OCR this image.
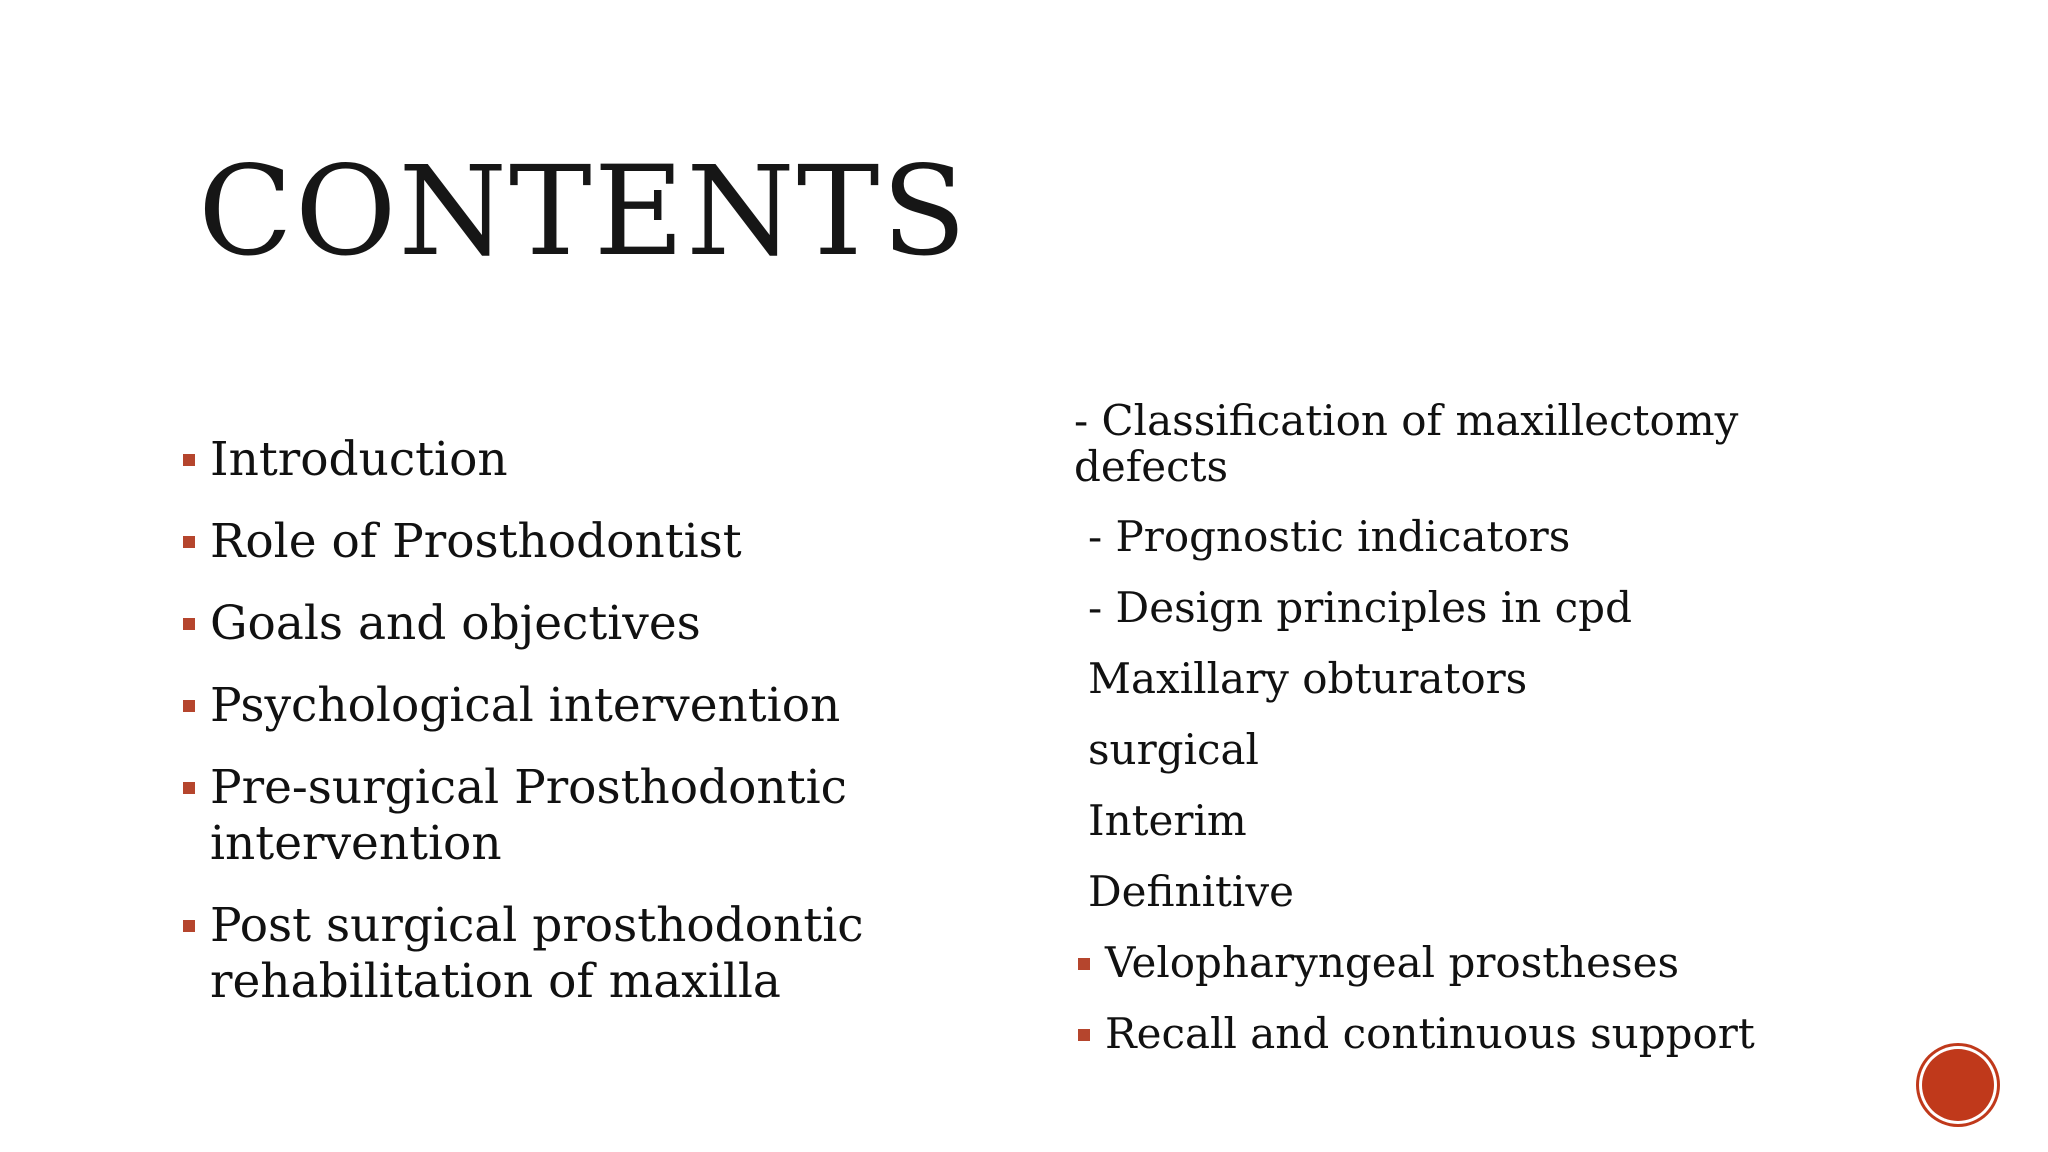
CONTENTS
Introduction
Role of Prosthodontist
Goals and objectives
Psychological intervention
Pre-surgical Prosthodontic
intervention
Post surgical prosthodontic
rehabilitation of maxilla
- Classification of maxillectomy
defects
- Prognostic indicators
- Design principles in cpd
Maxillary obturators
surgical
Interim
Definitive
Velopharyngeal prostheses
Recall and continuous support
